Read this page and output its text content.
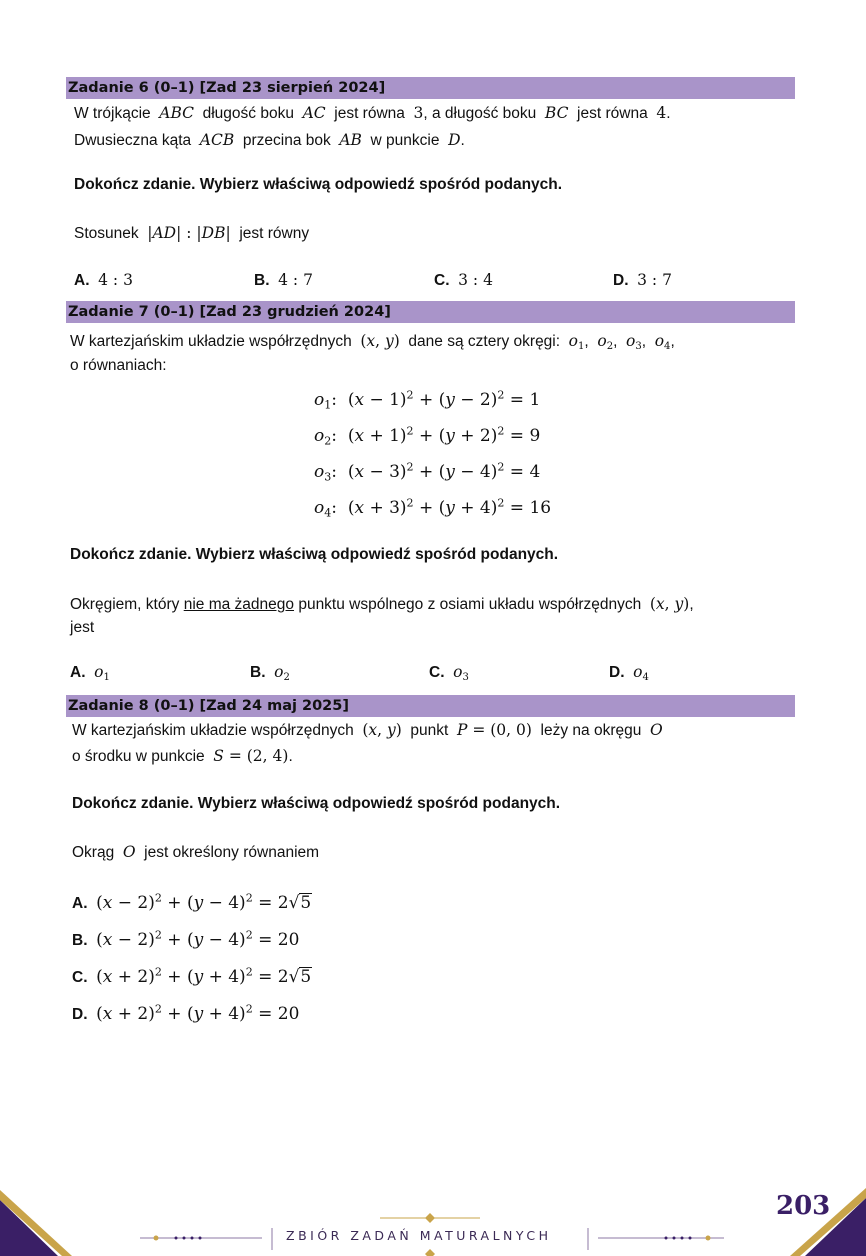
Zadanie 6 (0–1) [Zad 23 sierpień 2024]
W trójkącie  ABC  długość boku  AC  jest równa  3, a długość boku  BC  jest równa  4.
Dwusieczna kąta  ACB  przecina bok  AB  w punkcie  D.
Dokończ zdanie. Wybierz właściwą odpowiedź spośród podanych.
Stosunek  |AD| : |DB| jest równy
A. 4 : 3	B. 4 : 7	C. 3 : 4	D. 3 : 7
Zadanie 7 (0–1) [Zad 23 grudzień 2024]
W kartezjańskim układzie współrzędnych  (x, y)  dane są cztery okręgi:  $o_1$,  $o_2$,  $o_3$,  $o_4$,
o równaniach:
$o_1$:  $(x - 1)^2 + (y - 2)^2 = 1$
$o_2$:  $(x + 1)^2 + (y + 2)^2 = 9$
$o_3$:  $(x - 3)^2 + (y - 4)^2 = 4$
$o_4$:  $(x + 3)^2 + (y + 4)^2 = 16$
Dokończ zdanie. Wybierz właściwą odpowiedź spośród podanych.
Okręgiem, który nie ma żadnego punktu wspólnego z osiami układu współrzędnych  (x, y),
jest
A. $o_1$	B. $o_2$	C. $o_3$	D. $o_4$
Zadanie 8 (0–1) [Zad 24 maj 2025]
W kartezjańskim układzie współrzędnych  (x, y)  punkt  P = (0, 0)  leży na okręgu  O
o środku w punkcie  S = (2, 4).
Dokończ zdanie. Wybierz właściwą odpowiedź spośród podanych.
Okrąg  O  jest określony równaniem
A. $(x - 2)^2 + (y - 4)^2 = 2√5$
B. $(x - 2)^2 + (y - 4)^2 = 20$
C. $(x + 2)^2 + (y + 4)^2 = 2√5$
D. $(x + 2)^2 + (y + 4)^2 = 20$
ZBIÓR ZADAŃ MATURALNYCH
203
